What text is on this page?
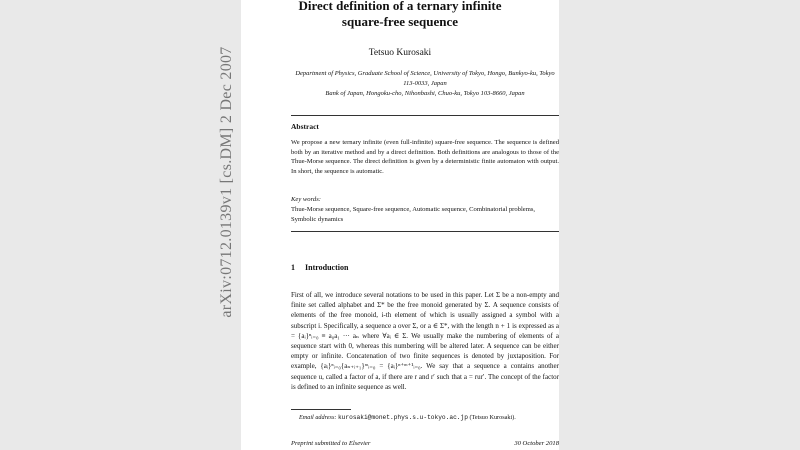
arXiv:0712.0139v1 [cs.DM] 2 Dec 2007
Direct definition of a ternary infinite
square-free sequence
Tetsuo Kurosaki
Department of Physics, Graduate School of Science, University of Tokyo, Hongo, Bunkyo-ku, Tokyo 113-0033, Japan
Bank of Japan, Hongoku-cho, Nihonbashi, Chuo-ku, Tokyo 103-8660, Japan
Abstract
We propose a new ternary infinite (even full-infinite) square-free sequence. The sequence is defined both by an iterative method and by a direct definition. Both definitions are analogous to those of the Thue-Morse sequence. The direct definition is given by a deterministic finite automaton with output. In short, the sequence is automatic.
Key words:
Thue-Morse sequence, Square-free sequence, Automatic sequence, Combinatorial problems, Symbolic dynamics
1 Introduction
First of all, we introduce several notations to be used in this paper. Let Σ be a non-empty and finite set called alphabet and Σ* be the free monoid generated by Σ. A sequence consists of elements of the free monoid, i-th element of which is usually assigned a symbol with a subscript i. Specifically, a sequence a over Σ, or a ∈ Σ*, with the length n + 1 is expressed as a = {aᵢ}ⁿᵢ₌₀ ≡ a₀a₁ ··· aₙ where ∀aᵢ ∈ Σ. We usually make the numbering of elements of a sequence start with 0, whereas this numbering will be altered later. A sequence can be either empty or infinite. Concatenation of two finite sequences is denoted by juxtaposition. For example, {aᵢ}ⁿᵢ₌₀{aₙ₊ᵢ₊₁}ᵐᵢ₌₀ = {aᵢ}ⁿ⁺ᵐ⁺¹ᵢ₌₀. We say that a sequence a contains another sequence u, called a factor of a, if there are r and r′ such that a = rur′. The concept of the factor is defined to an infinite sequence as well.
Email address: kurosaki@monet.phys.s.u-tokyo.ac.jp (Tetsuo Kurosaki).
Preprint submitted to Elsevier	30 October 2018
